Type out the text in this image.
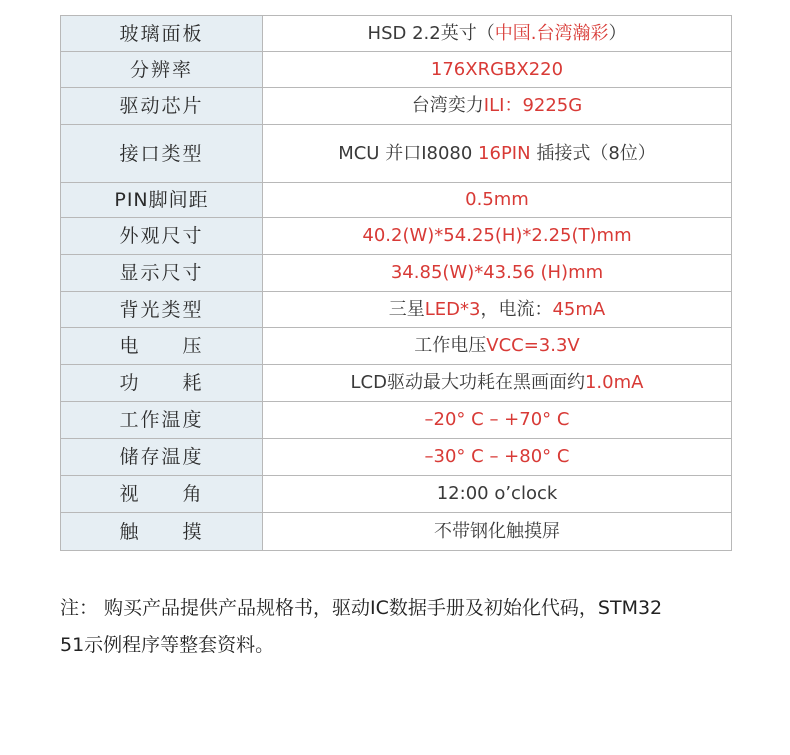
玻璃面板	HSD 2.2英寸（中国.台湾瀚彩）
分辨率	176XRGBX220
驱动芯片	台湾奕力ILI：9225G
接口类型	MCU 并口I8080 16PIN 插接式（8位）
PIN脚间距	0.5mm
外观尺寸	40.2(W)*54.25(H)*2.25(T)mm
显示尺寸	34.85(W)*43.56 (H)mm
背光类型	三星LED*3，电流：45mA
电　　压	工作电压VCC=3.3V
功　　耗	LCD驱动最大功耗在黑画面约1.0mA
工作温度	–20° C – +70° C
储存温度	–30° C – +80° C
视　　角	12:00 o’clock
触　　摸	不带钢化触摸屏
注： 购买产品提供产品规格书，驱动IC数据手册及初始化代码，STM32
51示例程序等整套资料。
